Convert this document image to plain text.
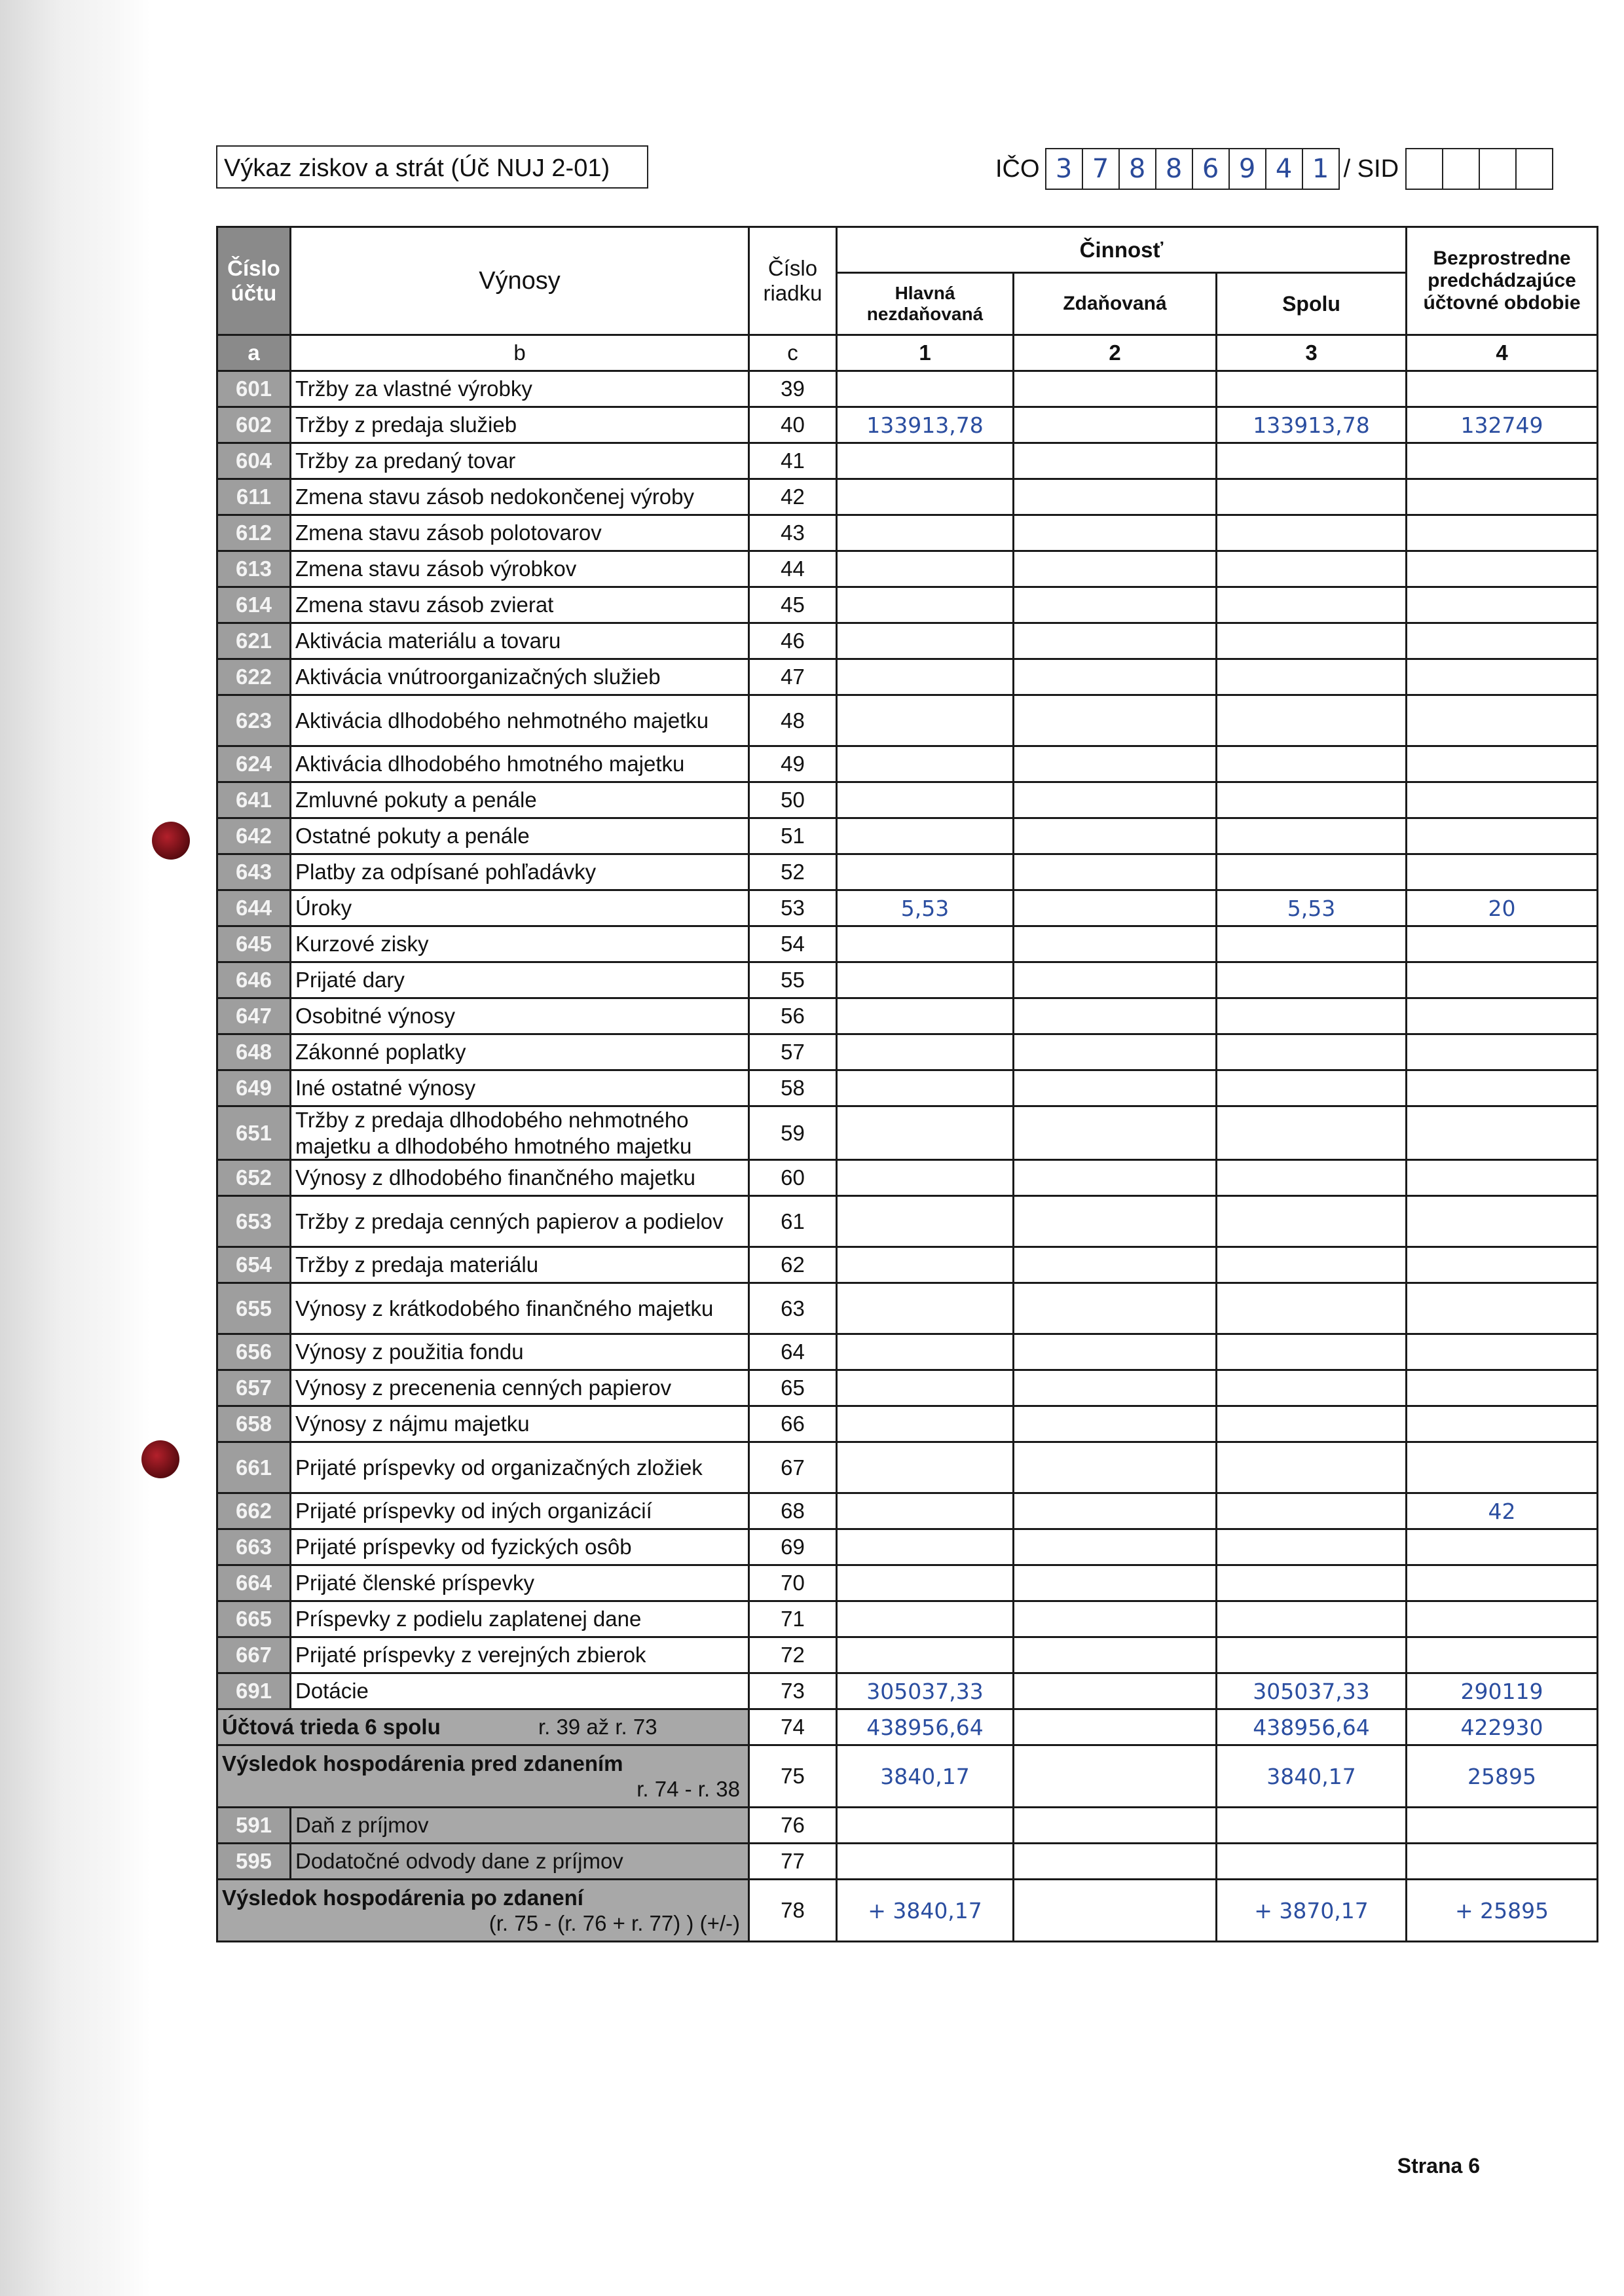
Výkaz ziskov a strát (Úč NUJ 2-01)	IČO 3 7 8 8 6 9 4 1 / SID
Číslo účtu	Výnosy	Číslo riadku	Činnosť			Bezprostredne predchádzajúce účtovné obdobie
			Hlavná nezdaňovaná	Zdaňovaná	Spolu	
a	b	c	1	2	3	4
601	Tržby za vlastné výrobky	39				
602	Tržby z predaja služieb	40	133913,78		133913,78	132749
604	Tržby za predaný tovar	41				
611	Zmena stavu zásob nedokončenej výroby	42				
612	Zmena stavu zásob polotovarov	43				
613	Zmena stavu zásob výrobkov	44				
614	Zmena stavu zásob zvierat	45				
621	Aktivácia materiálu a tovaru	46				
622	Aktivácia vnútroorganizačných služieb	47				
623	Aktivácia dlhodobého nehmotného majetku	48				
624	Aktivácia dlhodobého hmotného majetku	49				
641	Zmluvné pokuty a penále	50				
642	Ostatné pokuty a penále	51				
643	Platby za odpísané pohľadávky	52				
644	Úroky	53	5,53		5,53	20
645	Kurzové zisky	54				
646	Prijaté dary	55				
647	Osobitné výnosy	56				
648	Zákonné poplatky	57				
649	Iné ostatné výnosy	58				
651	Tržby z predaja dlhodobého nehmotného majetku a dlhodobého hmotného majetku	59				
652	Výnosy z dlhodobého finančného majetku	60				
653	Tržby z predaja cenných papierov a podielov	61				
654	Tržby z predaja materiálu	62				
655	Výnosy z krátkodobého finančného majetku	63				
656	Výnosy z použitia fondu	64				
657	Výnosy z precenenia cenných papierov	65				
658	Výnosy z nájmu majetku	66				
661	Prijaté príspevky od organizačných zložiek	67				
662	Prijaté príspevky od iných organizácií	68				42
663	Prijaté príspevky od fyzických osôb	69				
664	Prijaté členské príspevky	70				
665	Príspevky z podielu zaplatenej dane	71				
667	Prijaté príspevky z verejných zbierok	72				
691	Dotácie	73	305037,33		305037,33	290119
Účtová trieda 6 spolu r. 39 až r. 73		74	438956,64		438956,64	422930
Výsledok hospodárenia pred zdanením
r. 74 - r. 38		75	3840,17		3840,17	25895
591	Daň z príjmov	76				
595	Dodatočné odvody dane z príjmov	77				
Výsledok hospodárenia po zdanení
(r. 75 - (r. 76 + r. 77) ) (+/-)		78	+ 3840,17		+ 3870,17	+ 25895
Strana 6
